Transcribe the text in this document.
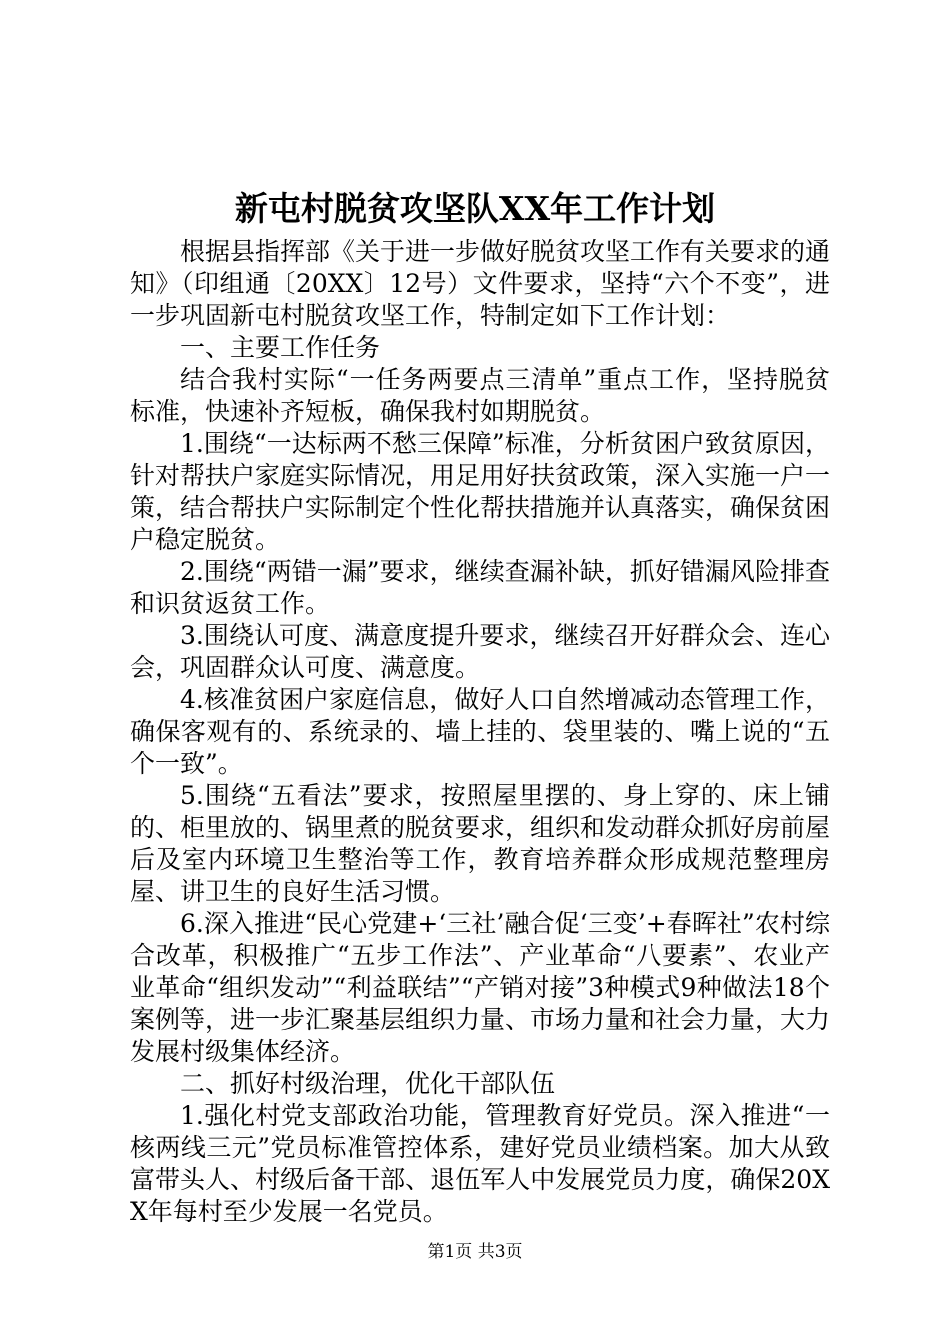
新屯村脱贫攻坚队XX年工作计划

根据县指挥部《关于进一步做好脱贫攻坚工作有关要求的通知》（印组通〔20XX〕12号）文件要求，坚持“六个不变”，进一步巩固新屯村脱贫攻坚工作，特制定如下工作计划：

一、主要工作任务

结合我村实际“一任务两要点三清单”重点工作，坚持脱贫标准，快速补齐短板，确保我村如期脱贫。

1.围绕“一达标两不愁三保障”标准，分析贫困户致贫原因，针对帮扶户家庭实际情况，用足用好扶贫政策，深入实施一户一策，结合帮扶户实际制定个性化帮扶措施并认真落实，确保贫困户稳定脱贫。

2.围绕“两错一漏”要求，继续查漏补缺，抓好错漏风险排查和识贫返贫工作。

3.围绕认可度、满意度提升要求，继续召开好群众会、连心会，巩固群众认可度、满意度。

4.核准贫困户家庭信息，做好人口自然增减动态管理工作，确保客观有的、系统录的、墙上挂的、袋里装的、嘴上说的“五个一致”。

5.围绕“五看法”要求，按照屋里摆的、身上穿的、床上铺的、柜里放的、锅里煮的脱贫要求，组织和发动群众抓好房前屋后及室内环境卫生整治等工作，教育培养群众形成规范整理房屋、讲卫生的良好生活习惯。

6.深入推进“民心党建+‘三社’融合促‘三变’+春晖社”农村综合改革，积极推广“五步工作法”、产业革命“八要素”、农业产业革命“组织发动”“利益联结”“产销对接”3种模式9种做法18个案例等，进一步汇聚基层组织力量、市场力量和社会力量，大力发展村级集体经济。

二、抓好村级治理，优化干部队伍

1.强化村党支部政治功能，管理教育好党员。深入推进“一核两线三元”党员标准管控体系，建好党员业绩档案。加大从致富带头人、村级后备干部、退伍军人中发展党员力度，确保20XX年每村至少发展一名党员。

第1页 共3页
